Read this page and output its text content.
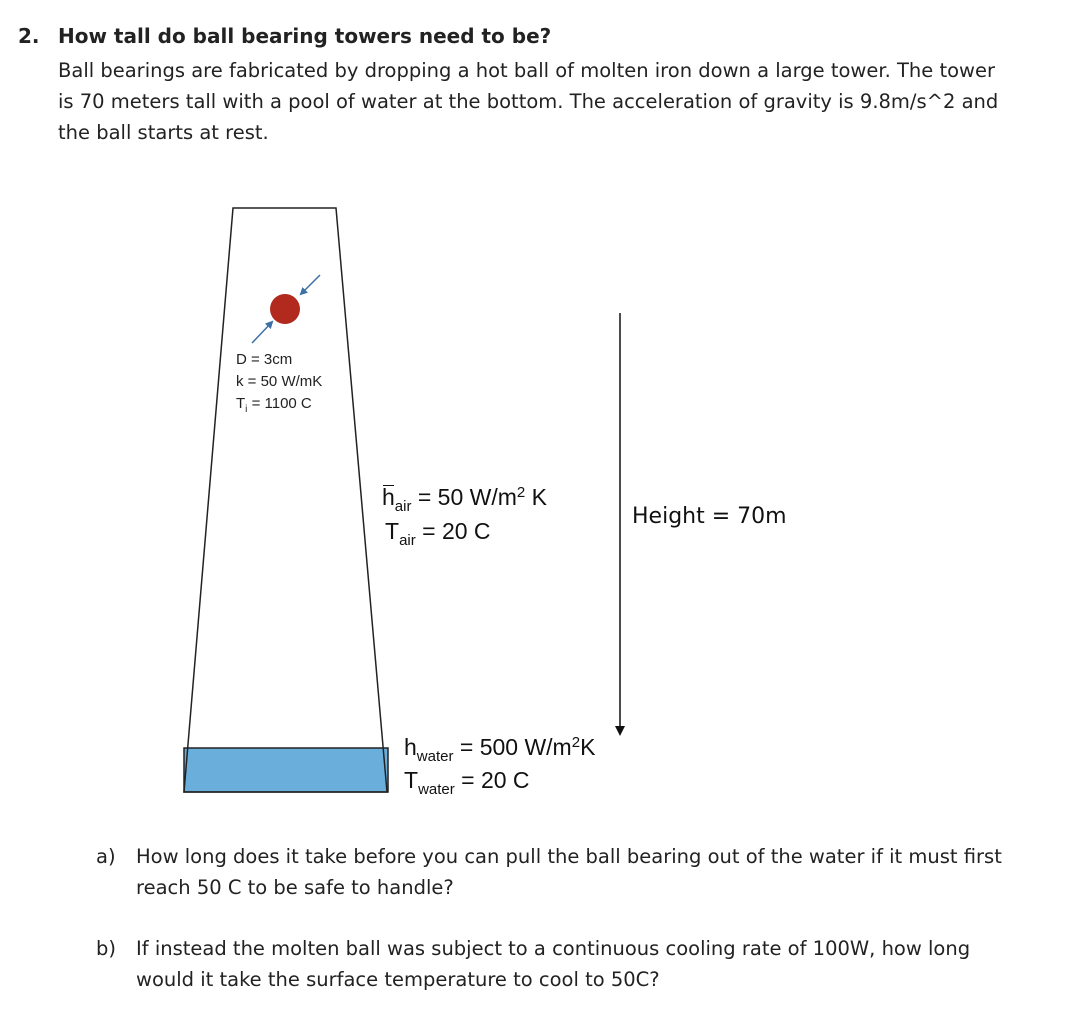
2. How tall do ball bearing towers need to be?
Ball bearings are fabricated by dropping a hot ball of molten iron down a large tower. The tower
is 70 meters tall with a pool of water at the bottom. The acceleration of gravity is 9.8m/s^2 and
the ball starts at rest.
D = 3cm
k = 50 W/mK
$T_i = 1100$ C
$h_{air} = 50$ $W/m^2$ K
$T_{air} = 20$ C
Height = 70m
$h_{water} = 500$ $W/m^2K$
$T_{water} = 20$ C
a) How long does it take before you can pull the ball bearing out of the water if it must first
reach 50 C to be safe to handle?
b) If instead the molten ball was subject to a continuous cooling rate of 100W, how long
would it take the surface temperature to cool to 50C?
